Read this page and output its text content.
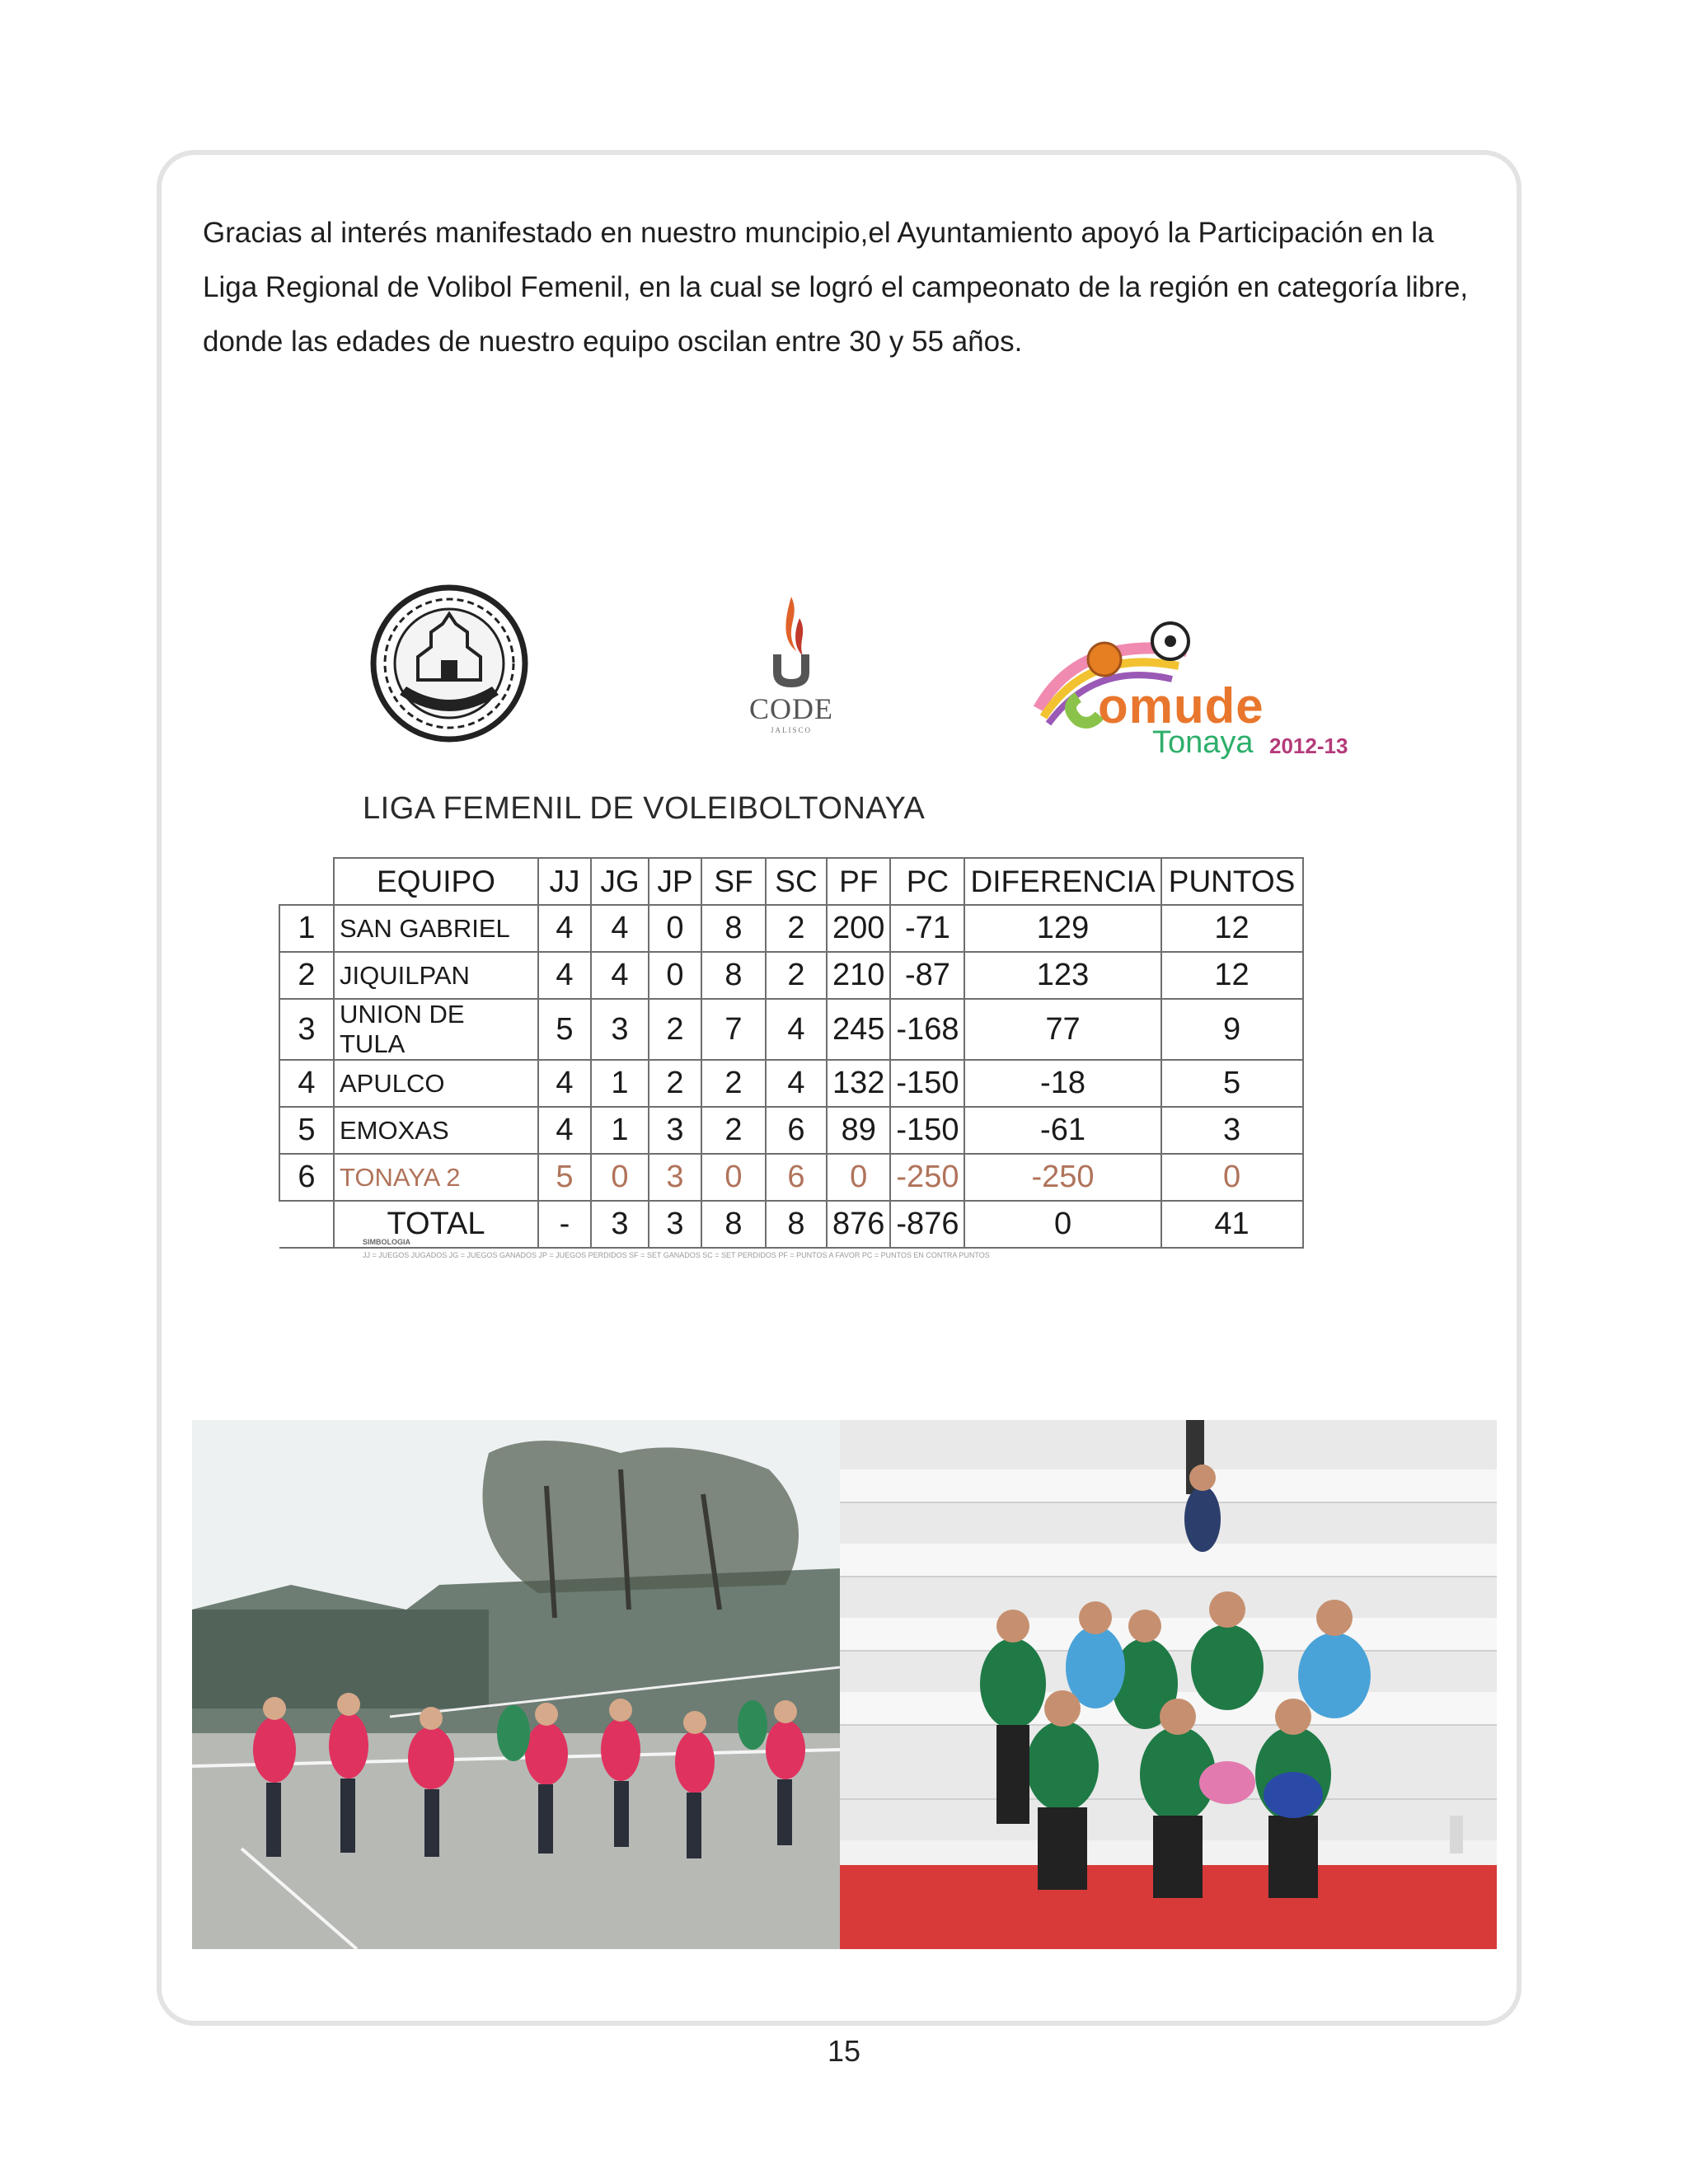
Gracias al interés manifestado en nuestro muncipio,el Ayuntamiento apoyó la Participación en la
Liga Regional de Volibol Femenil, en la cual se logró el campeonato de la región en categoría libre,
donde las edades de nuestro equipo oscilan entre 30 y 55 años.

CODE
JALISCO	omude
Tonaya 2012-13
LIGA FEMENIL DE VOLEIBOLTONAYA
	EQUIPO	JJ	JG	JP	SF	SC	PF	PC	DIFERENCIA	PUNTOS
1	SAN GABRIEL	4	4	0	8	2	200	-71	129	12
2	JIQUILPAN	4	4	0	8	2	210	-87	123	12
3	UNION DE TULA	5	3	2	7	4	245	-168	77	9
4	APULCO	4	1	2	2	4	132	-150	-18	5
5	EMOXAS	4	1	3	2	6	89	-150	-61	3
6	TONAYA 2	5	0	3	0	6	0	-250	-250	0
	TOTAL	-	3	3	8	8	876	-876	0	41
SIMBOLOGIA
JJ = JUEGOS JUGADOS JG = JUEGOS GANADOS JP = JUEGOS PERDIDOS SF = SET GANADOS SC = SET PERDIDOS PF = PUNTOS A FAVOR PC = PUNTOS EN CONTRA PUNTOS
15
